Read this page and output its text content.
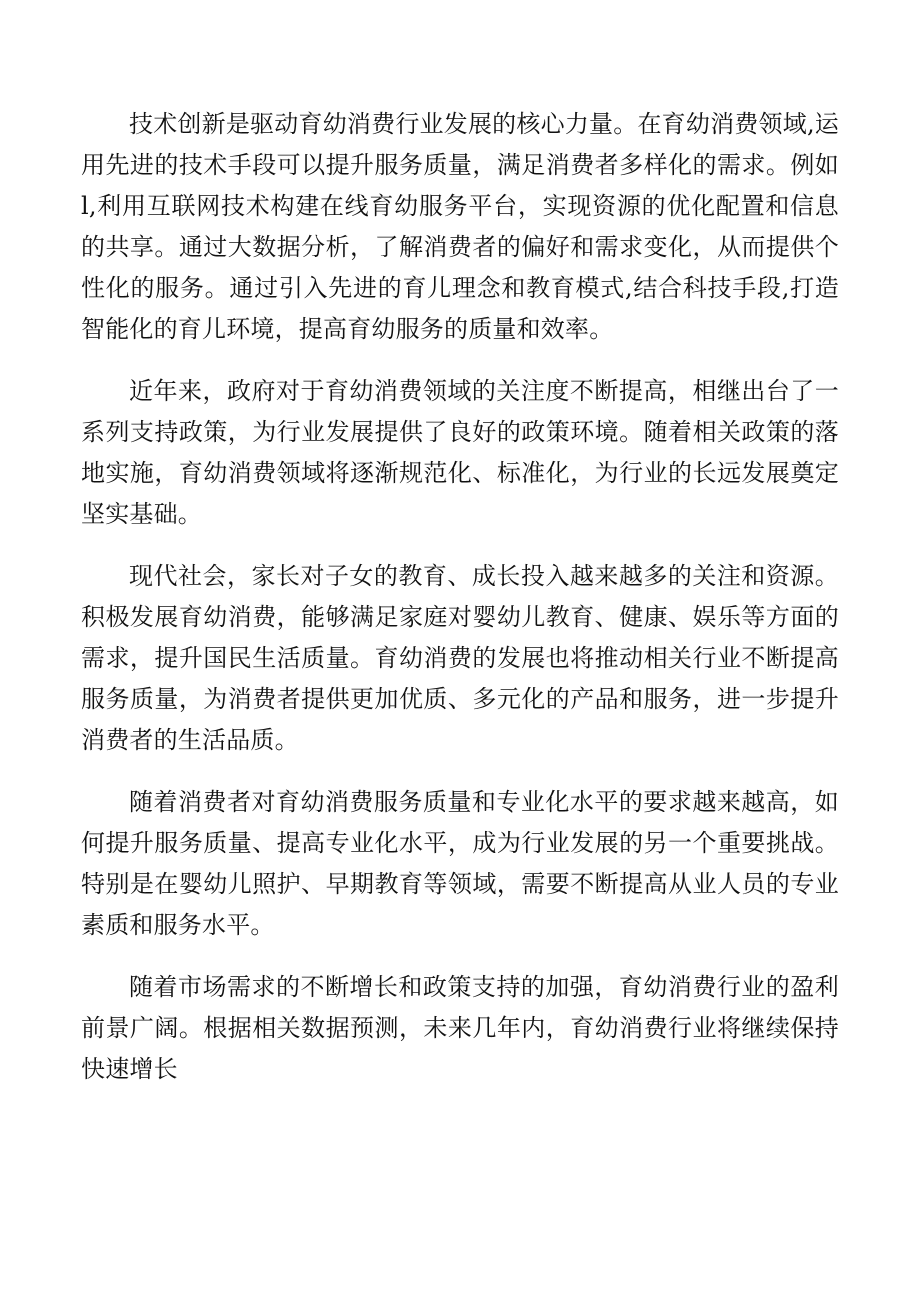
技术创新是驱动育幼消费行业发展的核心力量。在育幼消费领域,运用先进的技术手段可以提升服务质量，满足消费者多样化的需求。例如l,利用互联网技术构建在线育幼服务平台，实现资源的优化配置和信息的共享。通过大数据分析，了解消费者的偏好和需求变化，从而提供个性化的服务。通过引入先进的育儿理念和教育模式,结合科技手段,打造智能化的育儿环境，提高育幼服务的质量和效率。

近年来，政府对于育幼消费领域的关注度不断提高，相继出台了一系列支持政策，为行业发展提供了良好的政策环境。随着相关政策的落地实施，育幼消费领域将逐渐规范化、标准化，为行业的长远发展奠定坚实基础。

现代社会，家长对子女的教育、成长投入越来越多的关注和资源。积极发展育幼消费，能够满足家庭对婴幼儿教育、健康、娱乐等方面的需求，提升国民生活质量。育幼消费的发展也将推动相关行业不断提高服务质量，为消费者提供更加优质、多元化的产品和服务，进一步提升消费者的生活品质。

随着消费者对育幼消费服务质量和专业化水平的要求越来越高，如何提升服务质量、提高专业化水平，成为行业发展的另一个重要挑战。特别是在婴幼儿照护、早期教育等领域，需要不断提高从业人员的专业素质和服务水平。

随着市场需求的不断增长和政策支持的加强，育幼消费行业的盈利前景广阔。根据相关数据预测，未来几年内，育幼消费行业将继续保持快速增长
